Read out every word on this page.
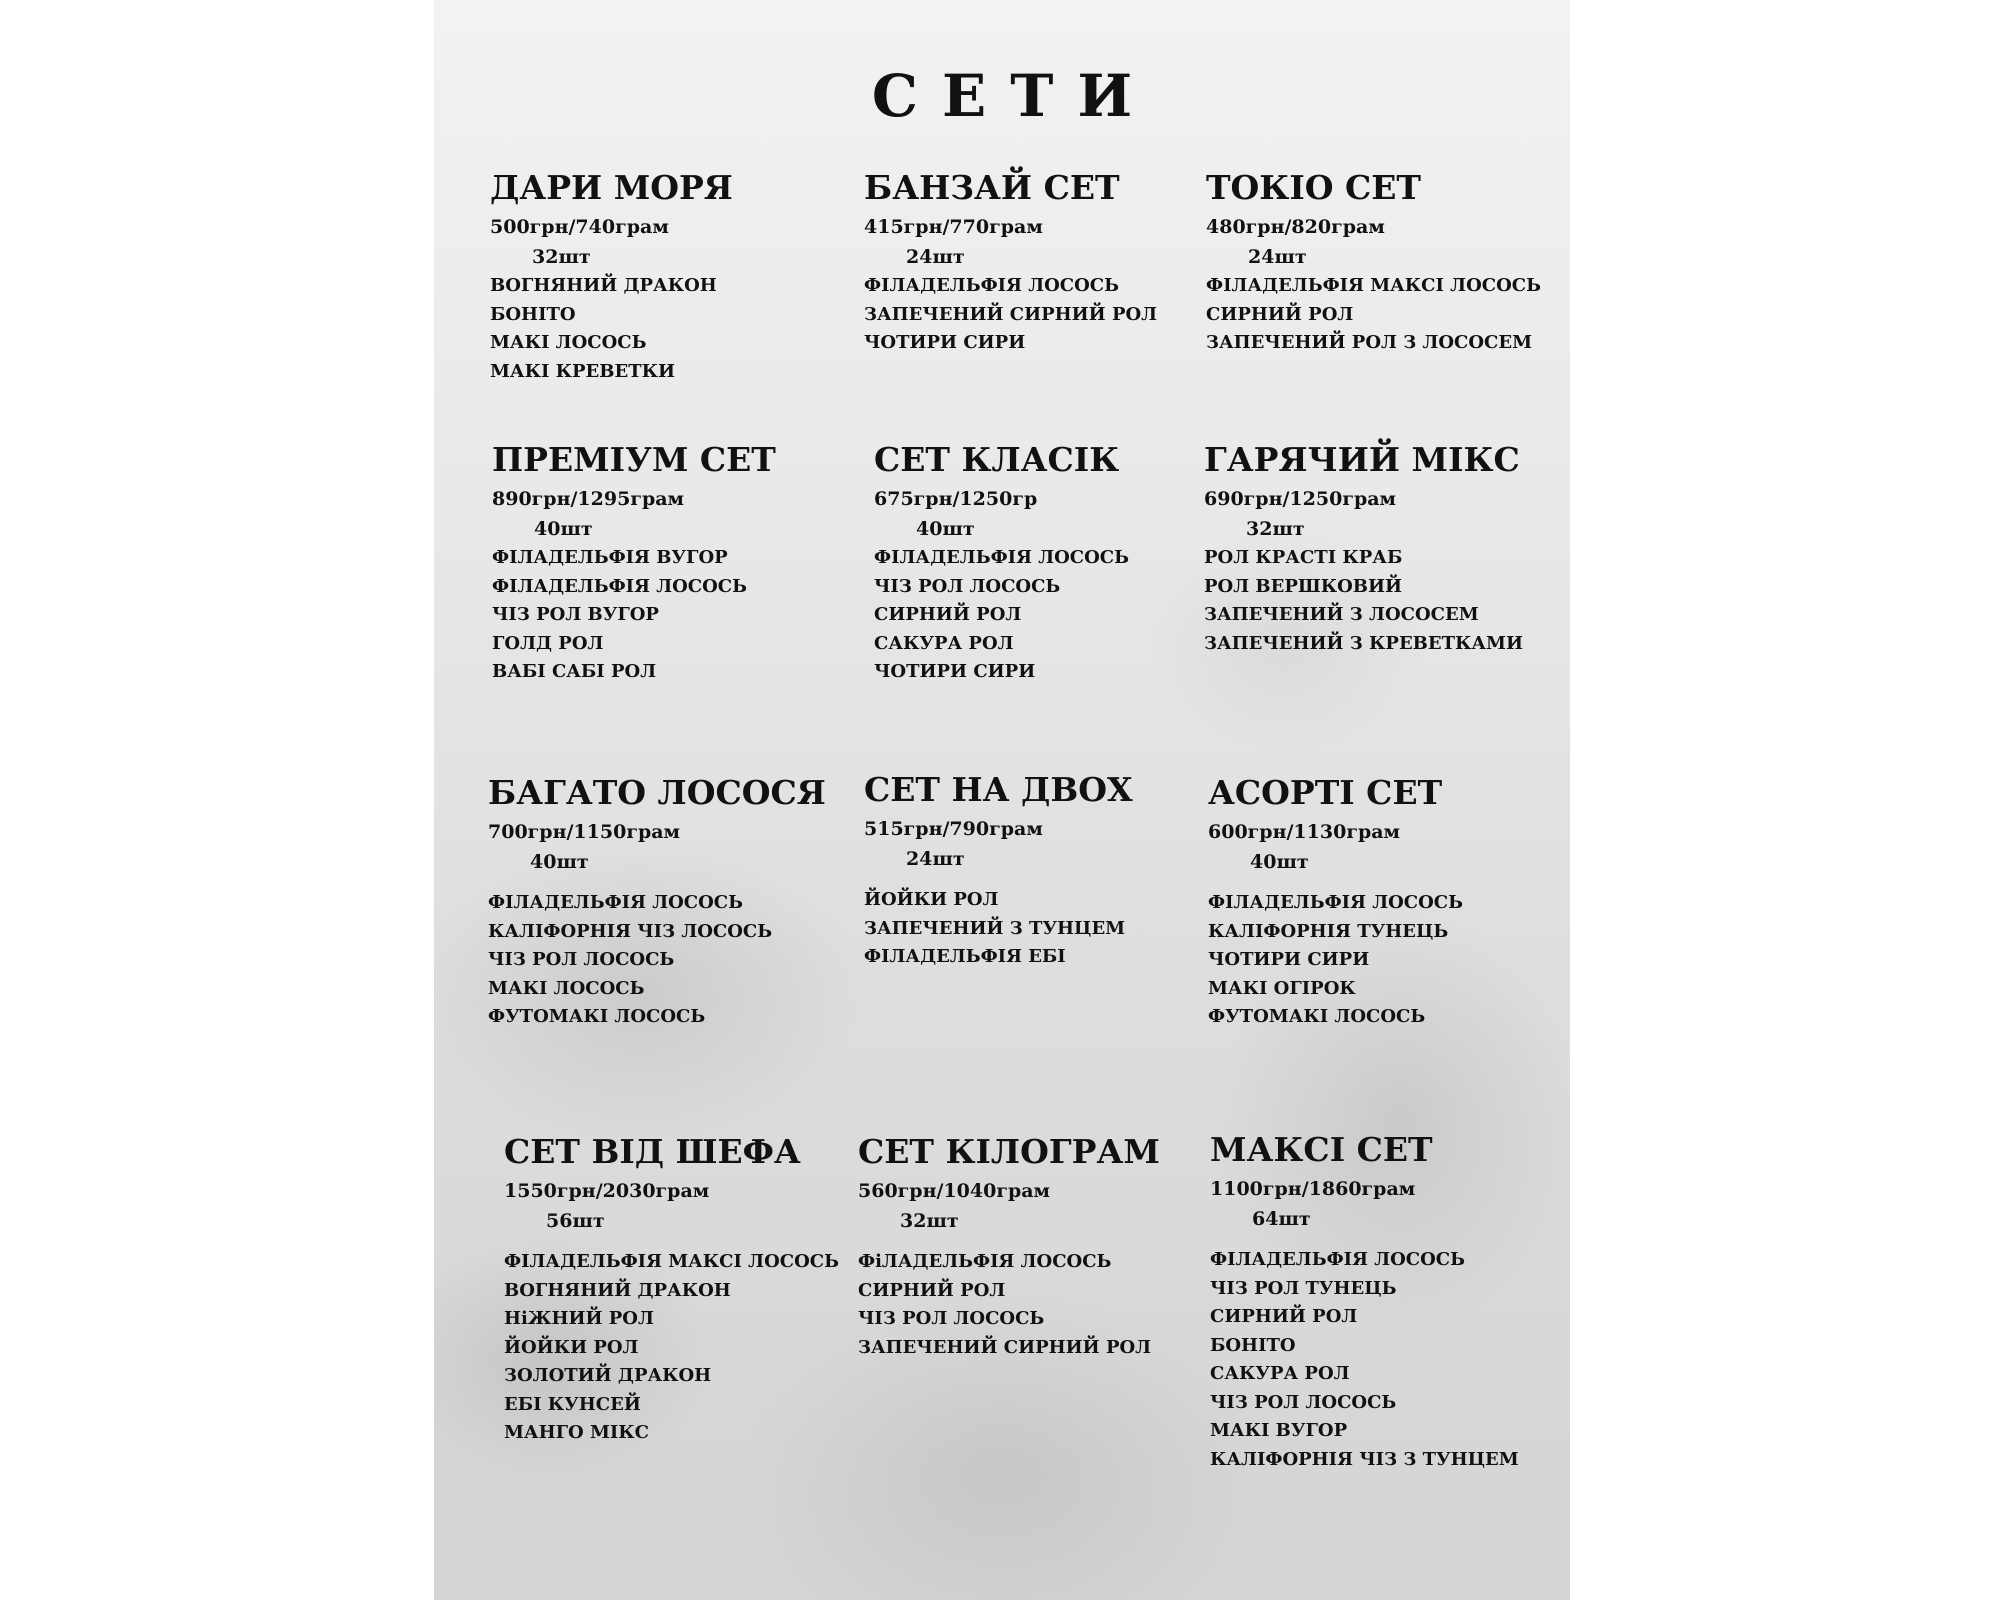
СЕТИ
ДАРИ МОРЯ
500грн/740грам
32шт
ВОГНЯНИЙ ДРАКОН
БОНІТО
МАКІ ЛОСОСЬ
МАКІ КРЕВЕТКИ
БАНЗАЙ СЕТ
415грн/770грам
24шт
ФІЛАДЕЛЬФІЯ ЛОСОСЬ
ЗАПЕЧЕНИЙ СИРНИЙ РОЛ
ЧОТИРИ СИРИ
ТОКІО СЕТ
480грн/820грам
24шт
ФІЛАДЕЛЬФІЯ МАКСІ ЛОСОСЬ
СИРНИЙ РОЛ
ЗАПЕЧЕНИЙ РОЛ З ЛОСОСЕМ
ПРЕМІУМ СЕТ
890грн/1295грам
40шт
ФІЛАДЕЛЬФІЯ ВУГОР
ФІЛАДЕЛЬФІЯ ЛОСОСЬ
ЧІЗ РОЛ ВУГОР
ГОЛД РОЛ
ВАБІ САБІ РОЛ
СЕТ КЛАСІК
675грн/1250гр
40шт
ФІЛАДЕЛЬФІЯ ЛОСОСЬ
ЧІЗ РОЛ ЛОСОСЬ
СИРНИЙ РОЛ
САКУРА РОЛ
ЧОТИРИ СИРИ
ГАРЯЧИЙ МІКС
690грн/1250грам
32шт
РОЛ КРАСТІ КРАБ
РОЛ ВЕРШКОВИЙ
ЗАПЕЧЕНИЙ З ЛОСОСЕМ
ЗАПЕЧЕНИЙ З КРЕВЕТКАМИ
БАГАТО ЛОСОСЯ
700грн/1150грам
40шт
ФІЛАДЕЛЬФІЯ ЛОСОСЬ
КАЛІФОРНІЯ ЧІЗ ЛОСОСЬ
ЧІЗ РОЛ ЛОСОСЬ
МАКІ ЛОСОСЬ
ФУТОМАКІ ЛОСОСЬ
СЕТ НА ДВОХ
515грн/790грам
24шт
ЙОЙКИ РОЛ
ЗАПЕЧЕНИЙ З ТУНЦЕМ
ФІЛАДЕЛЬФІЯ ЕБІ
АСОРТІ СЕТ
600грн/1130грам
40шт
ФІЛАДЕЛЬФІЯ ЛОСОСЬ
КАЛІФОРНІЯ ТУНЕЦЬ
ЧОТИРИ СИРИ
МАКІ ОГІРОК
ФУТОМАКІ ЛОСОСЬ
СЕТ ВІД ШЕФА
1550грн/2030грам
56шт
ФІЛАДЕЛЬФІЯ МАКСІ ЛОСОСЬ
ВОГНЯНИЙ ДРАКОН
НіЖНИЙ РОЛ
ЙОЙКИ РОЛ
ЗОЛОТИЙ ДРАКОН
ЕБІ КУНСЕЙ
МАНГО МІКС
СЕТ КІЛОГРАМ
560грн/1040грам
32шт
ФіЛАДЕЛЬФІЯ ЛОСОСЬ
СИРНИЙ РОЛ
ЧІЗ РОЛ ЛОСОСЬ
ЗАПЕЧЕНИЙ СИРНИЙ РОЛ
МАКСІ СЕТ
1100грн/1860грам
64шт
ФІЛАДЕЛЬФІЯ ЛОСОСЬ
ЧІЗ РОЛ ТУНЕЦЬ
СИРНИЙ РОЛ
БОНІТО
САКУРА РОЛ
ЧІЗ РОЛ ЛОСОСЬ
МАКІ ВУГОР
КАЛІФОРНІЯ ЧІЗ З ТУНЦЕМ
